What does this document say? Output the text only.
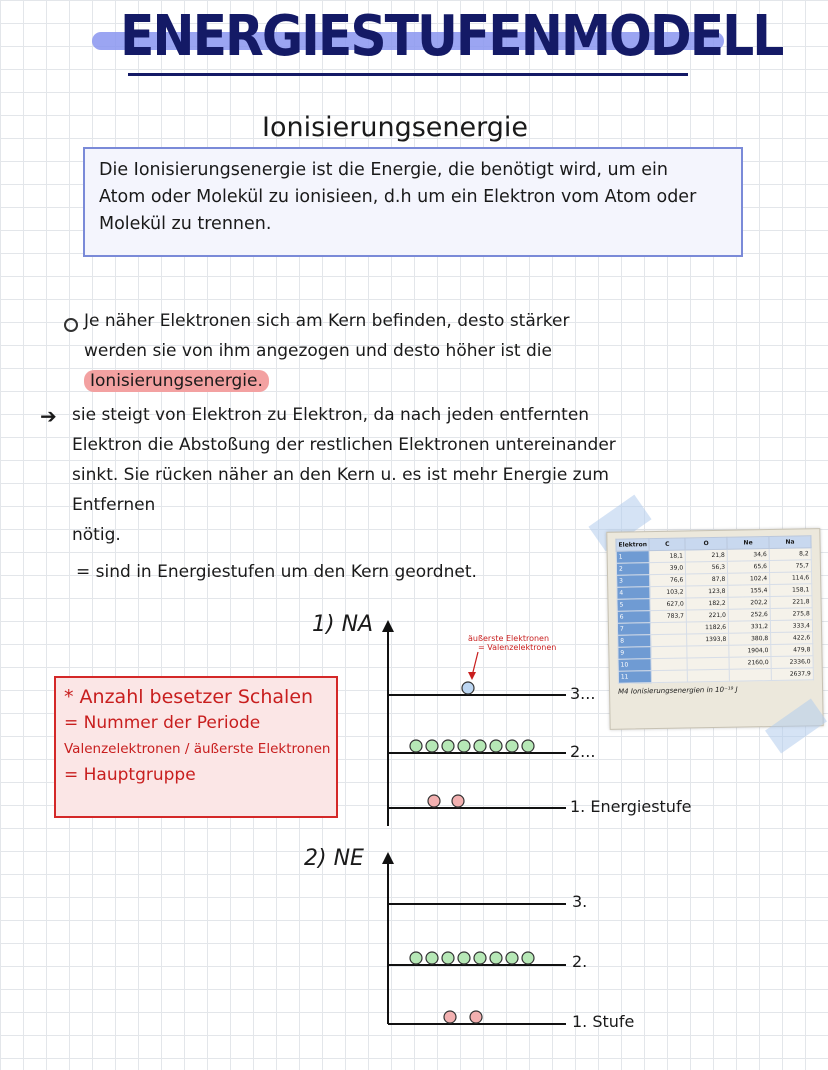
ENERGIESTUFENMODELL
Ionisierungsenergie
Die Ionisierungsenergie ist die Energie, die benötigt wird, um ein
Atom oder Molekül zu ionisieen, d.h um ein Elektron vom Atom oder
Molekül zu trennen.
Je näher Elektronen sich am Kern befinden, desto stärker
werden sie von ihm angezogen und desto höher ist die Ionisierungsenergie.
➔ sie steigt von Elektron zu Elektron, da nach jeden entfernten
Elektron die Abstoßung der restlichen Elektronen untereinander
sinkt. Sie rücken näher an den Kern u. es ist mehr Energie zum Entfernen
nötig.
= sind in Energiestufen um den Kern geordnet.
Elektron	C	O	Ne	Na
1	18,1	21,8	34,6	8,2
2	39,0	56,3	65,6	75,7
3	76,6	87,8	102,4	114,6
4	103,2	123,8	155,4	158,1
5	627,0	182,2	202,2	221,8
6	783,7	221,0	252,6	275,8
7		1182,6	331,2	333,4
8		1393,8	380,8	422,6
9			1904,0	479,8
10			2160,0	2336,0
11				2637,9
M4 Ionisierungsenergien in 10⁻¹⁹ J
* Anzahl besetzer Schalen
= Nummer der Periode
Valenzelektronen / äußerste Elektronen
= Hauptgruppe
1) NA
äußerste Elektronen
= Valenzelektronen
3...
2...
1. Energiestufe
2) NE
3.
2.
1. Stufe
